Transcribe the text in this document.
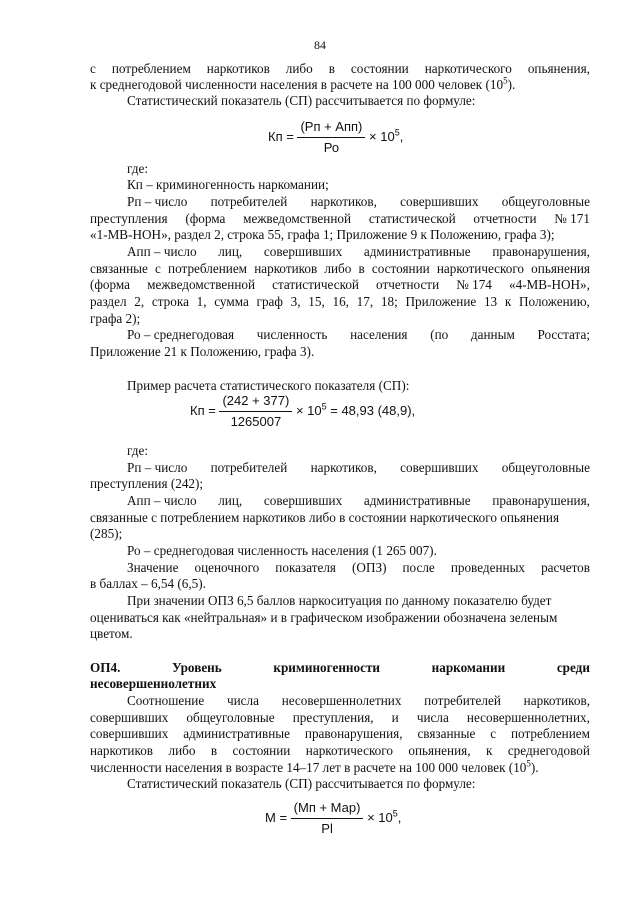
84
с потреблением наркотиков либо в состоянии наркотического опьянения,
к среднегодовой численности населения в расчете на 100 000 человек $(10^5)$.
Статистический показатель (СП) рассчитывается по формуле:
Кп = $\frac{\text{(Рп + Апп)}}{Ро} \times 10^5$,
где:
Кп – криминогенность наркомании;
Рп – число потребителей наркотиков, совершивших общеуголовные
преступления (форма межведомственной статистической отчетности № 171
«1-МВ-НОН», раздел 2, строка 55, графа 1; Приложение 9 к Положению, графа 3);
Апп – число лиц, совершивших административные правонарушения,
связанные с потреблением наркотиков либо в состоянии наркотического опьянения
(форма межведомственной статистической отчетности № 174 «4-МВ-НОН»,
раздел 2, строка 1, сумма граф 3, 15, 16, 17, 18; Приложение 13 к Положению,
графа 2);
Ро – среднегодовая численность населения (по данным Росстата;
Приложение 21 к Положению, графа 3).
Пример расчета статистического показателя (СП):
Кп = $\frac{(242 + 377)}{1265007} \times 10^5 = 48,93$ (48,9),
где:
Рп – число потребителей наркотиков, совершивших общеуголовные
преступления (242);
Апп – число лиц, совершивших административные правонарушения,
связанные с потреблением наркотиков либо в состоянии наркотического опьянения
(285);
Ро – среднегодовая численность населения (1 265 007).
Значение оценочного показателя (ОПЗ) после проведенных расчетов
в баллах – 6,54 (6,5).
При значении ОПЗ 6,5 баллов наркоситуация по данному показателю будет
оцениваться как «нейтральная» и в графическом изображении обозначена зеленым
цветом.
ОП4.	Уровень	криминогенности	наркомании	среди
несовершеннолетних
Соотношение числа несовершеннолетних потребителей наркотиков,
совершивших общеуголовные преступления, и числа несовершеннолетних,
совершивших административные правонарушения, связанные с потреблением
наркотиков либо в состоянии наркотического опьянения, к среднегодовой
численности населения в возрасте 14–17 лет в расчете на 100 000 человек $(10^5)$.
Статистический показатель (СП) рассчитывается по формуле:
$М = \frac{\text{(Мп + Мар)}}{Рl} \times 10^5$,
